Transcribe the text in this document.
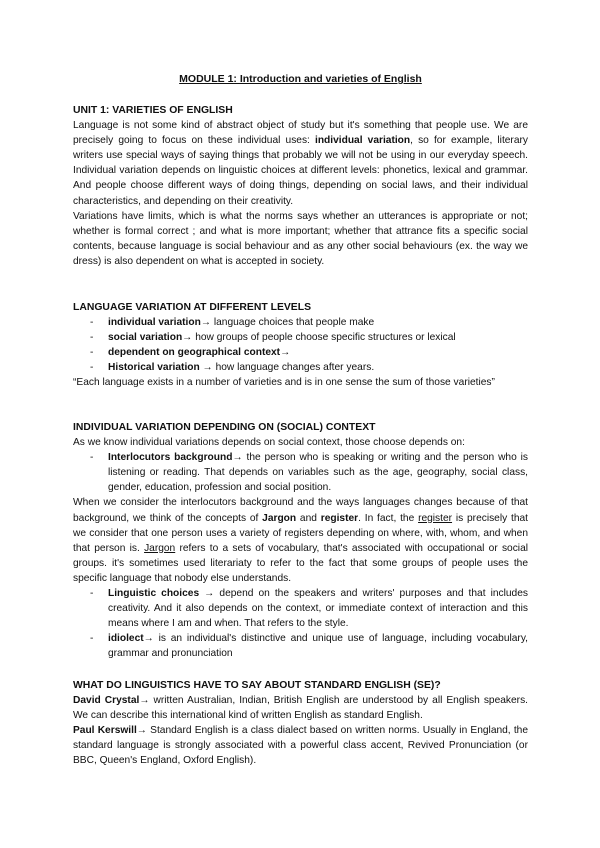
MODULE 1: Introduction and varieties of English

UNIT 1: VARIETIES OF ENGLISH

Language is not some kind of abstract object of study but it's something that people use. We are precisely going to focus on these individual uses: individual variation, so for example, literary writers use special ways of saying things that probably we will not be using in our everyday speech. Individual variation depends on linguistic choices at different levels: phonetics, lexical and grammar. And people choose different ways of doing things, depending on social laws, and their individual characteristics, and depending on their creativity.

Variations have limits, which is what the norms says whether an utterances is appropriate or not; whether is formal correct ; and what is more important; whether that attrance fits a specific social contents, because language is social behaviour and as any other social behaviours (ex. the way we dress) is also dependent on what is accepted in society.

LANGUAGE VARIATION AT DIFFERENT LEVELS

- individual variation→ language choices that people make
- social variation→ how groups of people choose specific structures or lexical
- dependent on geographical context→
- Historical variation → how language changes after years.

“Each language exists in a number of varieties and is in one sense the sum of those varieties”

INDIVIDUAL VARIATION DEPENDING ON (SOCIAL) CONTEXT

As we know individual variations depends on social context, those choose depends on:

- Interlocutors background→ the person who is speaking or writing and the person who is listening or reading. That depends on variables such as the age, geography, social class, gender, education, profession and social position.

When we consider the interlocutors background and the ways languages changes because of that background, we think of the concepts of Jargon and register. In fact, the register is precisely that we consider that one person uses a variety of registers depending on where, with, whom, and when that person is. Jargon refers to a sets of vocabulary, that's associated with occupational or social groups. it's sometimes used literariaty to refer to the fact that some groups of people uses the specific language that nobody else understands.

- Linguistic choices → depend on the speakers and writers' purposes and that includes creativity. And it also depends on the context, or immediate context of interaction and this means where I am and when. That refers to the style.
- idiolect→ is an individual's distinctive and unique use of language, including vocabulary, grammar and pronunciation

WHAT DO LINGUISTICS HAVE TO SAY ABOUT STANDARD ENGLISH (SE)?

David Crystal→ written Australian, Indian, British English are understood by all English speakers. We can describe this international kind of written English as standard English.

Paul Kerswill→ Standard English is a class dialect based on written norms. Usually in England, the standard language is strongly associated with a powerful class accent, Revived Pronunciation (or BBC, Queen's England, Oxford English).
